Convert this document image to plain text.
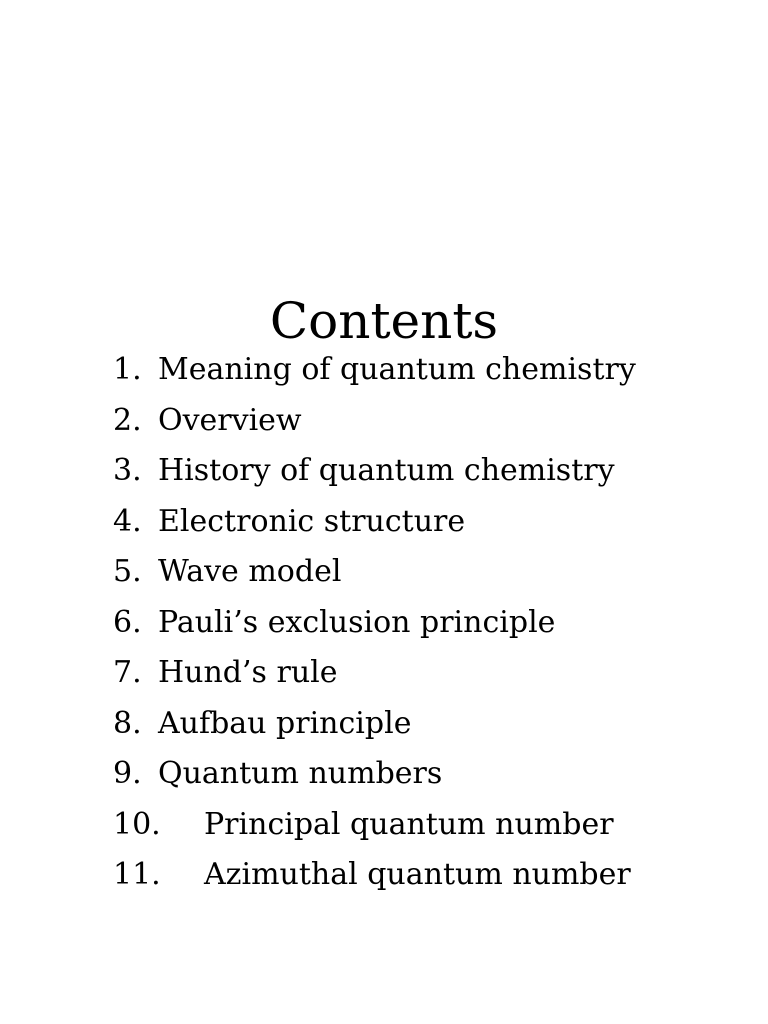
Contents
1. Meaning of quantum chemistry
2. Overview
3. History of quantum chemistry
4. Electronic structure
5. Wave model
6. Pauli’s exclusion principle
7. Hund’s rule
8. Aufbau principle
9. Quantum numbers
10. Principal quantum number
11. Azimuthal quantum number
